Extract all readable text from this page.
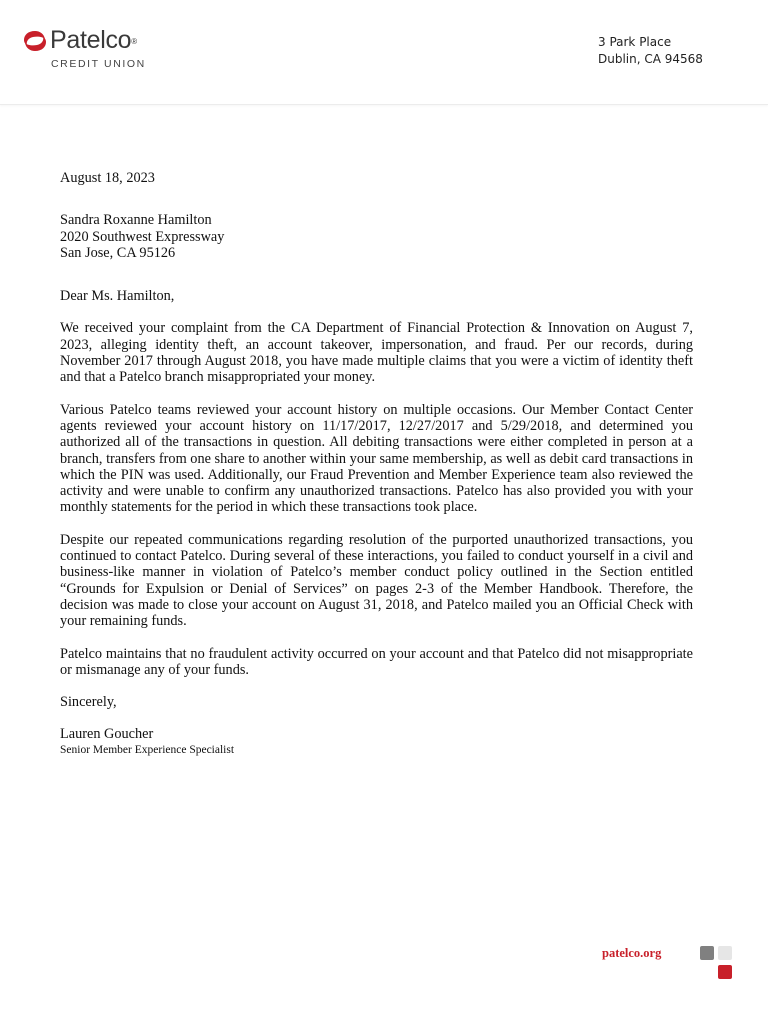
Patelco®
CREDIT UNION
3 Park Place
Dublin, CA 94568

August 18, 2023

Sandra Roxanne Hamilton

2020 Southwest Expressway

San Jose, CA 95126

Dear Ms. Hamilton,

We received your complaint from the CA Department of Financial Protection & Innovation on August 7, 2023, alleging identity theft, an account takeover, impersonation, and fraud. Per our records, during November 2017 through August 2018, you have made multiple claims that you were a victim of identity theft and that a Patelco branch misappropriated your money.

Various Patelco teams reviewed your account history on multiple occasions. Our Member Contact Center agents reviewed your account history on 11/17/2017, 12/27/2017 and 5/29/2018, and determined you authorized all of the transactions in question. All debiting transactions were either completed in person at a branch, transfers from one share to another within your same membership, as well as debit card transactions in which the PIN was used. Additionally, our Fraud Prevention and Member Experience team also reviewed the activity and were unable to confirm any unauthorized transactions. Patelco has also provided you with your monthly statements for the period in which these transactions took place.

Despite our repeated communications regarding resolution of the purported unauthorized transactions, you continued to contact Patelco. During several of these interactions, you failed to conduct yourself in a civil and business-like manner in violation of Patelco’s member conduct policy outlined in the Section entitled “Grounds for Expulsion or Denial of Services” on pages 2-3 of the Member Handbook. Therefore, the decision was made to close your account on August 31, 2018, and Patelco mailed you an Official Check with your remaining funds.

Patelco maintains that no fraudulent activity occurred on your account and that Patelco did not misappropriate or mismanage any of your funds.

Sincerely,

Lauren Goucher

Senior Member Experience Specialist

patelco.org
